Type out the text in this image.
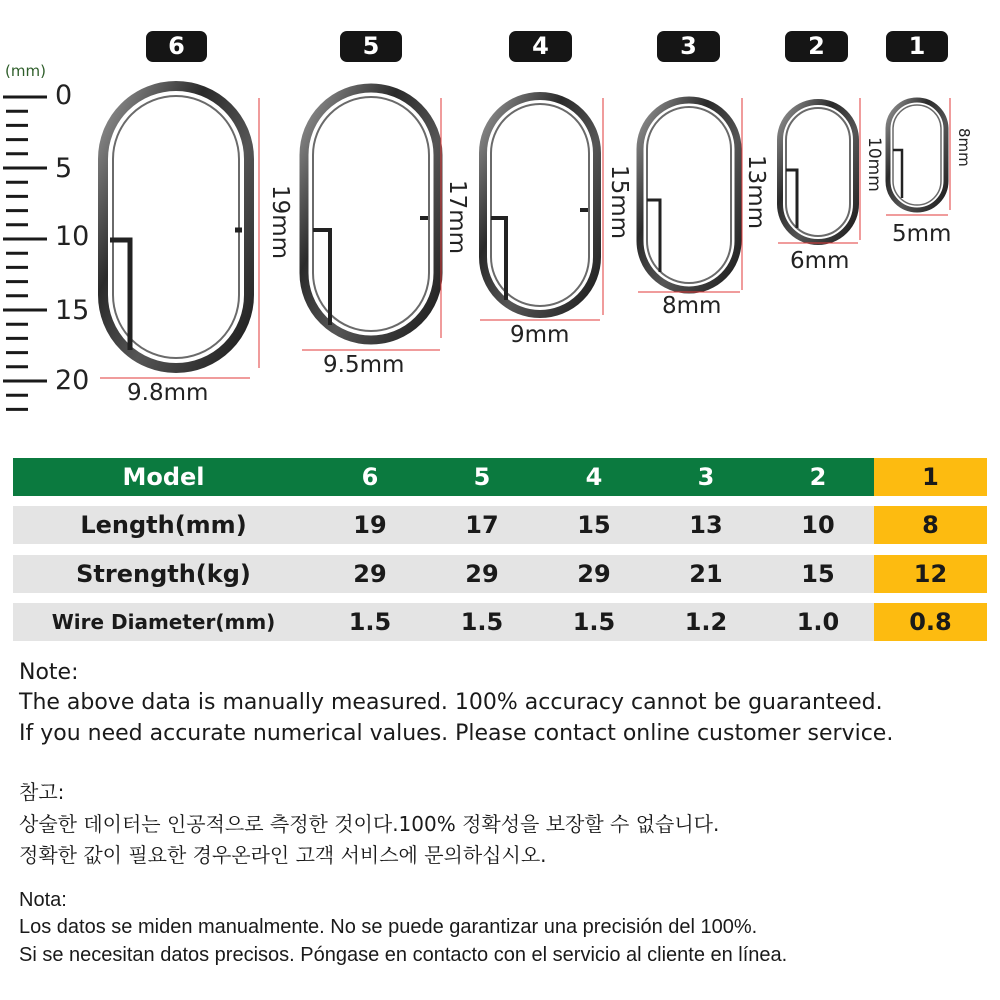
(mm)
0
5
10
15
20
6	5	4	3	2	1
19mm	17mm	15mm	13mm	10mm	8mm
9.8mm
9.5mm
9mm
8mm
6mm
5mm
Model	6	5	4	3	2	1
Length(mm)	19	17	15	13	10	8
Strength(kg)	29	29	29	21	15	12
Wire Diameter(mm)	1.5	1.5	1.5	1.2	1.0	0.8
Note:
The above data is manually measured. 100% accuracy cannot be guaranteed.
If you need accurate numerical values. Please contact online customer service.
참고:
상술한 데이터는 인공적으로 측정한 것이다.100% 정확성을 보장할 수 없습니다.
정확한 값이 필요한 경우온라인 고객 서비스에 문의하십시오.
Nota:
Los datos se miden manualmente. No se puede garantizar una precisión del 100%.
Si se necesitan datos precisos. Póngase en contacto con el servicio al cliente en línea.
